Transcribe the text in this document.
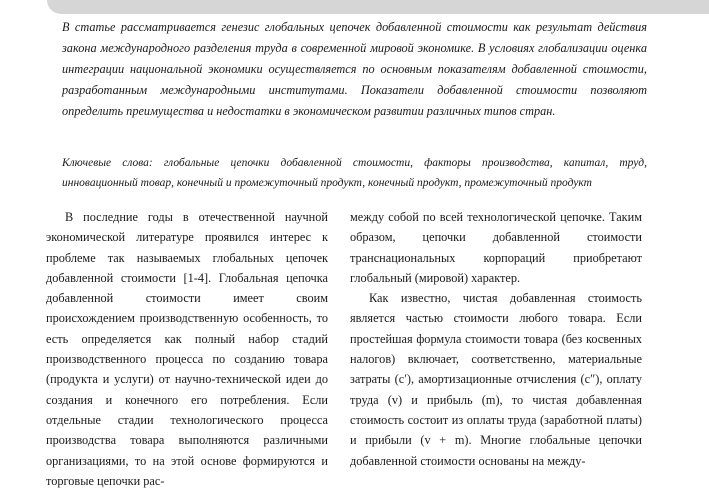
В статье рассматривается генезис глобальных цепочек добавленной стоимости как результат действия закона международного разделения труда в современной мировой экономике. В условиях глобализации оценка интеграции национальной экономики осуществляется по основным показателям добавленной стоимости, разработанным международными институтами. Показатели добавленной стоимости позволяют определить преимущества и недостатки в экономическом развитии различных типов стран.

Ключевые слова: глобальные цепочки добавленной стоимости, факторы производства, капитал, труд, инновационный товар, конечный и промежуточный продукт, конечный продукт, промежуточный продукт

В последние годы в отечественной научной экономической литературе проявился интерес к проблеме так называемых глобальных цепочек добавленной стоимости [1-4]. Глобальная цепочка добавленной стоимости имеет своим происхождением производственную особенность, то есть определяется как полный набор стадий производственного процесса по созданию товара (продукта и услуги) от научно-технической идеи до создания и конечного его потребления. Если отдельные стадии технологического процесса производства товара выполняются различными организациями, то на этой основе формируются и торговые цепочки рас-

между собой по всей технологической цепочке. Таким образом, цепочки добавленной стоимости транснациональных корпораций приобретают глобальный (мировой) характер.

Как известно, чистая добавленная стоимость является частью стоимости любого товара. Если простейшая формула стоимости товара (без косвенных налогов) включает, соответственно, материальные затраты (c′), амортизационные отчисления (c″), оплату труда (v) и прибыль (m), то чистая добавленная стоимость состоит из оплаты труда (заработной платы) и прибыли (v + m). Многие глобальные цепочки добавленной стоимости основаны на между-
